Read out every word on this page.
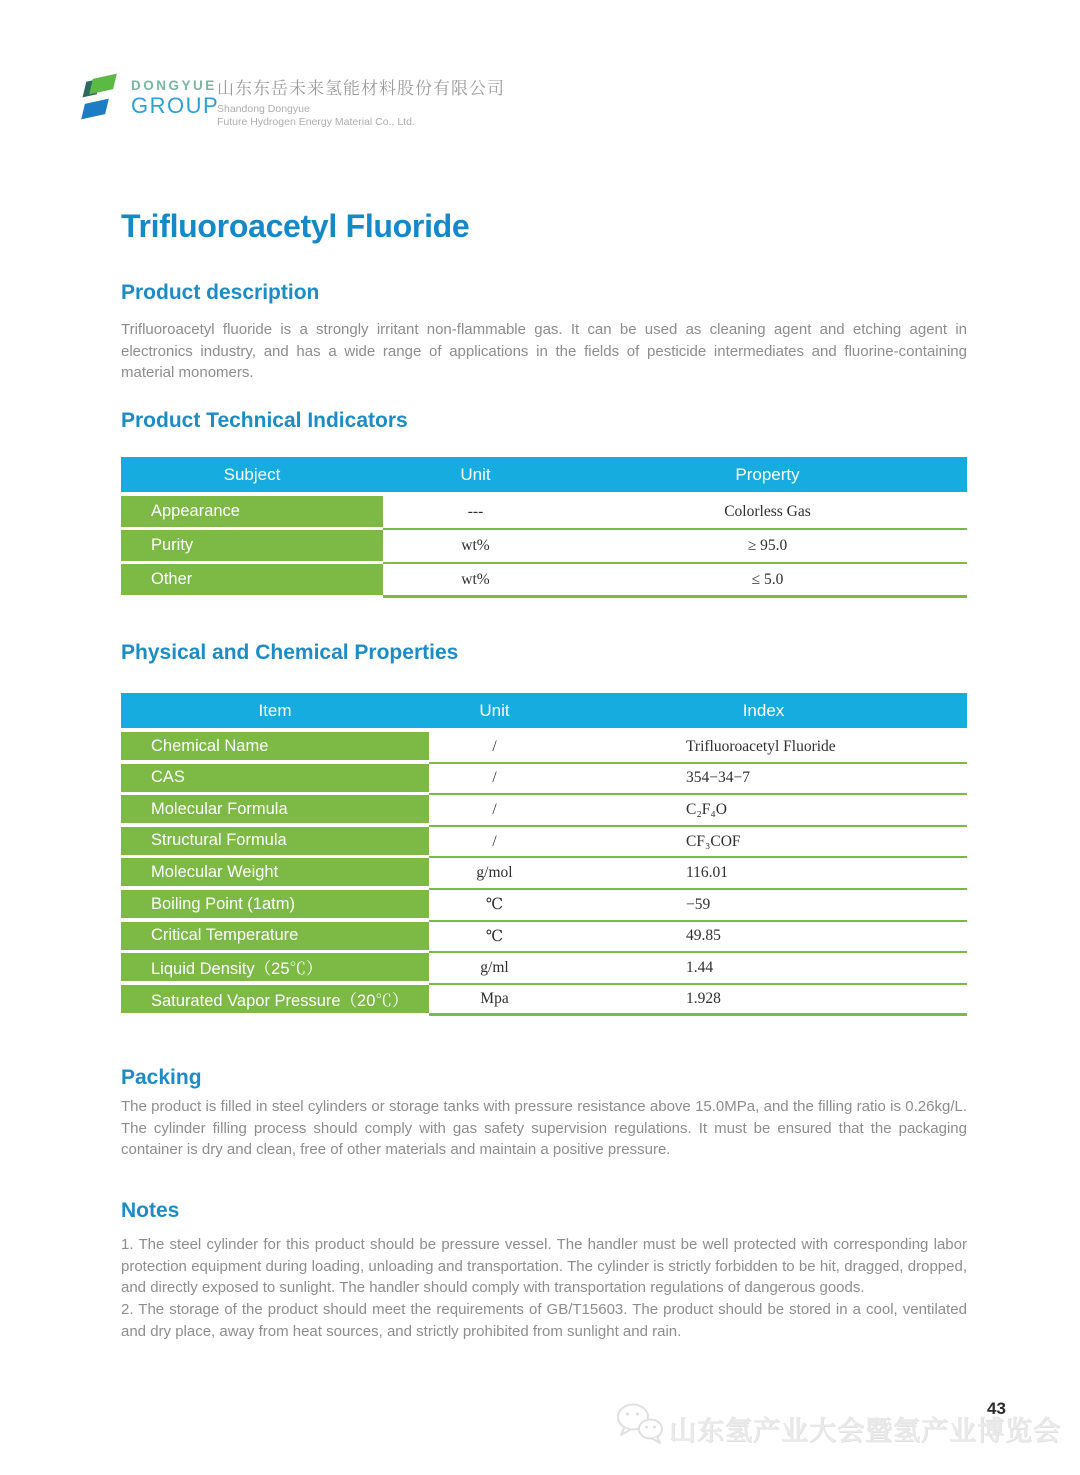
DONGYUE
GROUP
山东东岳未来氢能材料股份有限公司
Shandong Dongyue
Future Hydrogen Energy Material Co., Ltd.
Trifluoroacetyl Fluoride
Product description

Trifluoroacetyl fluoride is a strongly irritant non-flammable gas. It can be used as cleaning agent and etching agent in electronics industry, and has a wide range of applications in the fields of pesticide intermediates and fluorine-containing material monomers.

Product Technical Indicators
Subject	Unit	Property
Appearance	---	Colorless Gas
Purity	wt%	≥ 95.0
Other	wt%	≤ 5.0
Physical and Chemical Properties
Item	Unit	Index
Chemical Name	/	Trifluoroacetyl Fluoride
CAS	/	354−34−7
Molecular Formula	/	C₂F₄O
Structural Formula	/	CF₃COF
Molecular Weight	g/mol	116.01
Boiling Point (1atm)	℃	−59
Critical Temperature	℃	49.85
Liquid Density（25℃）	g/ml	1.44
Saturated Vapor Pressure（20℃）	Mpa	1.928
Packing

The product is filled in steel cylinders or storage tanks with pressure resistance above 15.0MPa, and the filling ratio is 0.26kg/L. The cylinder filling process should comply with gas safety supervision regulations. It must be ensured that the packaging container is dry and clean, free of other materials and maintain a positive pressure.

Notes

1. The steel cylinder for this product should be pressure vessel. The handler must be well protected with corresponding labor protection equipment during loading, unloading and transportation. The cylinder is strictly forbidden to be hit, dragged, dropped, and directly exposed to sunlight. The handler should comply with transportation regulations of dangerous goods.

2. The storage of the product should meet the requirements of GB/T15603. The product should be stored in a cool, ventilated and dry place, away from heat sources, and strictly prohibited from sunlight and rain.

山东氢产业大会暨氢产业博览会
43
